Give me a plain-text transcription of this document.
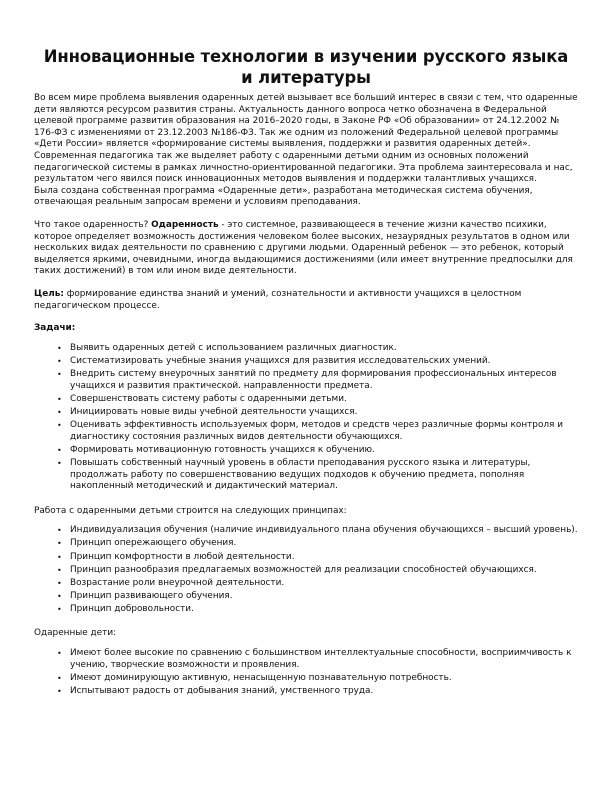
Инновационные технологии в изучении русского языка и литературы

Во всем мире проблема выявления одаренных детей вызывает все больший интерес в связи с тем, что одаренные дети являются ресурсом развития страны. Актуальность данного вопроса четко обозначена в Федеральной целевой программе развития образования на 2016–2020 годы, в Законе РФ «Об образовании» от 24.12.2002 № 176-ФЗ с изменениями от 23.12.2003 №186-ФЗ. Так же одним из положений Федеральной целевой программы «Дети России» является «формирование системы выявления, поддержки и развития одаренных детей». Современная педагогика так же выделяет работу с одаренными детьми одним из основных положений педагогической системы в рамках личностно-ориентированной педагогики. Эта проблема заинтересовала и нас, результатом чего явился поиск инновационных методов выявления и поддержки талантливых учащихся.

Была создана собственная программа «Одаренные дети», разработана методическая система обучения, отвечающая реальным запросам времени и условиям преподавания.

Что такое одаренность? Одаренность - это системное, развивающееся в течение жизни качество психики, которое определяет возможность достижения человеком более высоких, незаурядных результатов в одном или нескольких видах деятельности по сравнению с другими людьми. Одаренный ребенок — это ребенок, который выделяется яркими, очевидными, иногда выдающимися достижениями (или имеет внутренние предпосылки для таких достижений) в том или ином виде деятельности.

Цель: формирование единства знаний и умений, сознательности и активности учащихся в целостном педагогическом процессе.

Задачи:

• Выявить одаренных детей с использованием различных диагностик.
• Систематизировать учебные знания учащихся для развития исследовательских умений.
• Внедрить систему внеурочных занятий по предмету для формирования профессиональных интересов учащихся и развития практической. направленности предмета.
• Совершенствовать систему работы с одаренными детьми.
• Инициировать новые виды учебной деятельности учащихся.
• Оценивать эффективность используемых форм, методов и средств через различные формы контроля и диагностику состояния различных видов деятельности обучающихся.
• Формировать мотивационную готовность учащихся к обучению.
• Повышать собственный научный уровень в области преподавания русского языка и литературы, продолжать работу по совершенствованию ведущих подходов к обучению предмета, пополняя накопленный методический и дидактический материал.

Работа с одаренными детьми строится на следующих принципах:

• Индивидуализация обучения (наличие индивидуального плана обучения обучающихся – высший уровень).
• Принцип опережающего обучения.
• Принцип комфортности в любой деятельности.
• Принцип разнообразия предлагаемых возможностей для реализации способностей обучающихся.
• Возрастание роли внеурочной деятельности.
• Принцип развивающего обучения.
• Принцип добровольности.

Одаренные дети:

• Имеют более высокие по сравнению с большинством интеллектуальные способности, восприимчивость к учению, творческие возможности и проявления.
• Имеют доминирующую активную, ненасыщенную познавательную потребность.
• Испытывают радость от добывания знаний, умственного труда.
